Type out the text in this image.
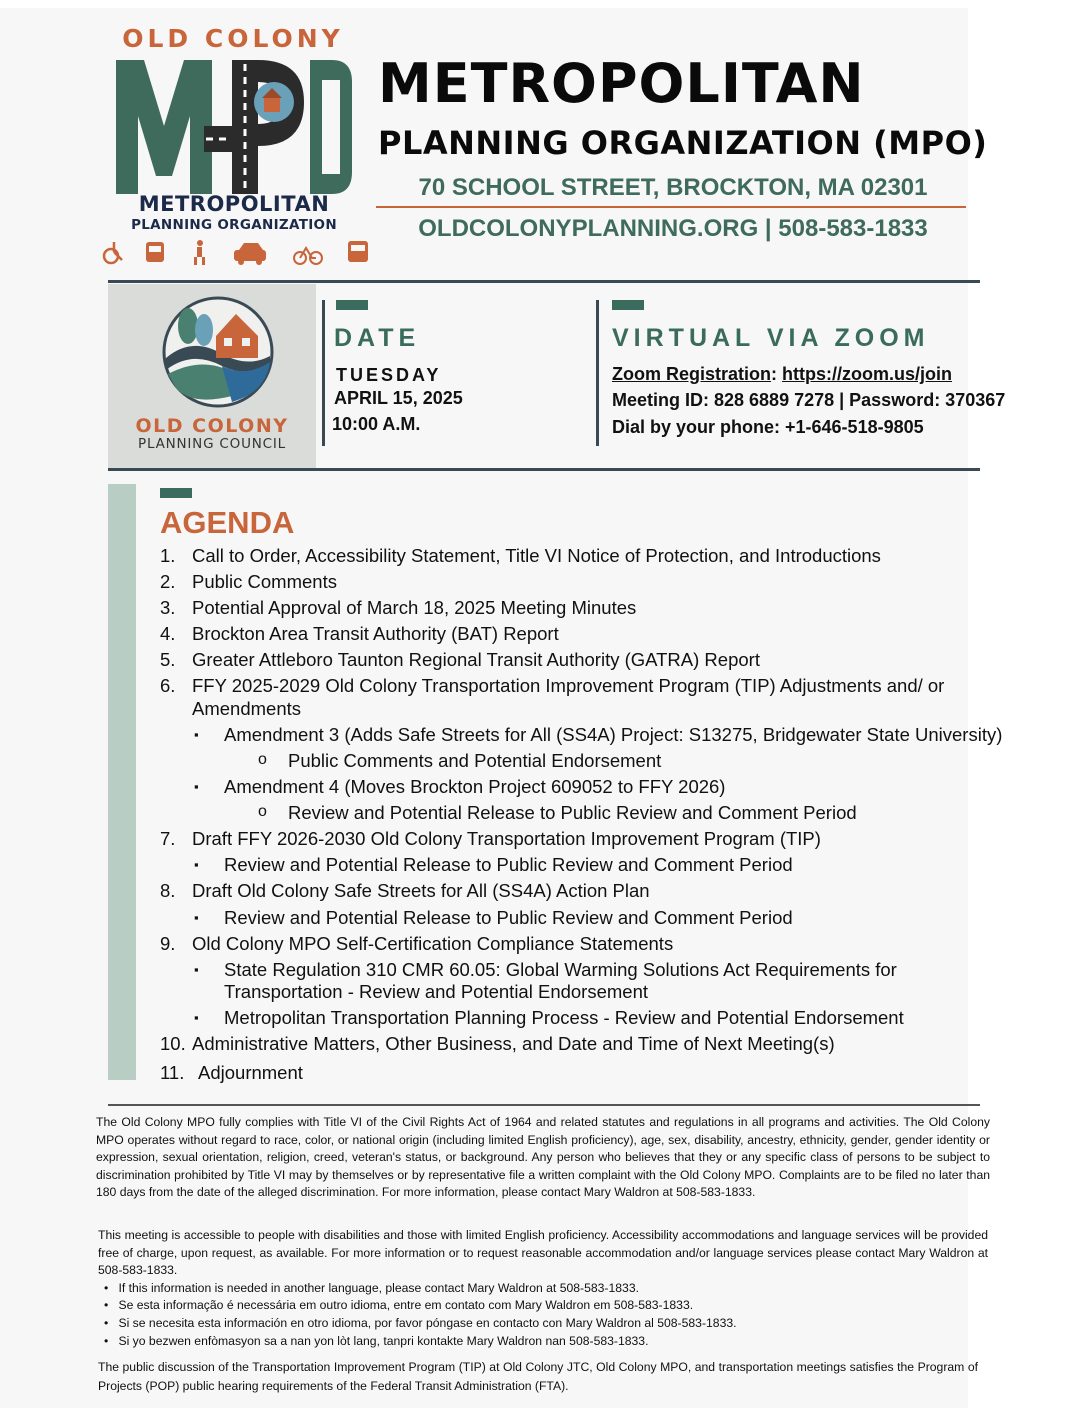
OLD COLONY
METROPOLITAN
PLANNING ORGANIZATION
METROPOLITAN
PLANNING ORGANIZATION (MPO)
70 SCHOOL STREET, BROCKTON, MA 02301
OLDCOLONYPLANNING.ORG | 508-583-1833
OLD COLONY
PLANNING COUNCIL
DATE
TUESDAY
APRIL 15, 2025
10:00 A.M.
VIRTUAL VIA ZOOM
Zoom Registration: https://zoom.us/join
Meeting ID: 828 6889 7278 | Password: 370367
Dial by your phone: +1-646-518-9805
AGENDA
1. Call to Order, Accessibility Statement, Title VI Notice of Protection, and Introductions
2. Public Comments
3. Potential Approval of March 18, 2025 Meeting Minutes
4. Brockton Area Transit Authority (BAT) Report
5. Greater Attleboro Taunton Regional Transit Authority (GATRA) Report
6. FFY 2025-2029 Old Colony Transportation Improvement Program (TIP) Adjustments and/ or
Amendments
▪ Amendment 3 (Adds Safe Streets for All (SS4A) Project: S13275, Bridgewater State University)
o Public Comments and Potential Endorsement
▪ Amendment 4 (Moves Brockton Project 609052 to FFY 2026)
o Review and Potential Release to Public Review and Comment Period
7. Draft FFY 2026-2030 Old Colony Transportation Improvement Program (TIP)
▪ Review and Potential Release to Public Review and Comment Period
8. Draft Old Colony Safe Streets for All (SS4A) Action Plan
▪ Review and Potential Release to Public Review and Comment Period
9. Old Colony MPO Self-Certification Compliance Statements
▪ State Regulation 310 CMR 60.05: Global Warming Solutions Act Requirements for
Transportation - Review and Potential Endorsement
▪ Metropolitan Transportation Planning Process - Review and Potential Endorsement
10. Administrative Matters, Other Business, and Date and Time of Next Meeting(s)
11. Adjournment
The Old Colony MPO fully complies with Title VI of the Civil Rights Act of 1964 and related statutes and regulations in all programs and activities. The Old Colony MPO operates without regard to race, color, or national origin (including limited English proficiency), age, sex, disability, ancestry, ethnicity, gender, gender identity or expression, sexual orientation, religion, creed, veteran's status, or background. Any person who believes that they or any specific class of persons to be subject to discrimination prohibited by Title VI may by themselves or by representative file a written complaint with the Old Colony MPO. Complaints are to be filed no later than 180 days from the date of the alleged discrimination. For more information, please contact Mary Waldron at 508-583-1833.
This meeting is accessible to people with disabilities and those with limited English proficiency. Accessibility accommodations and language services will be provided free of charge, upon request, as available. For more information or to request reasonable accommodation and/or language services please contact Mary Waldron at 508-583-1833.
•   If this information is needed in another language, please contact Mary Waldron at 508-583-1833.
•   Se esta informação é necessária em outro idioma, entre em contato com Mary Waldron em 508-583-1833.
•   Si se necesita esta información en otro idioma, por favor póngase en contacto con Mary Waldron al 508-583-1833.
•   Si yo bezwen enfòmasyon sa a nan yon lòt lang, tanpri kontakte Mary Waldron nan 508-583-1833.
The public discussion of the Transportation Improvement Program (TIP) at Old Colony JTC, Old Colony MPO, and transportation meetings satisfies the Program of Projects (POP) public hearing requirements of the Federal Transit Administration (FTA).
